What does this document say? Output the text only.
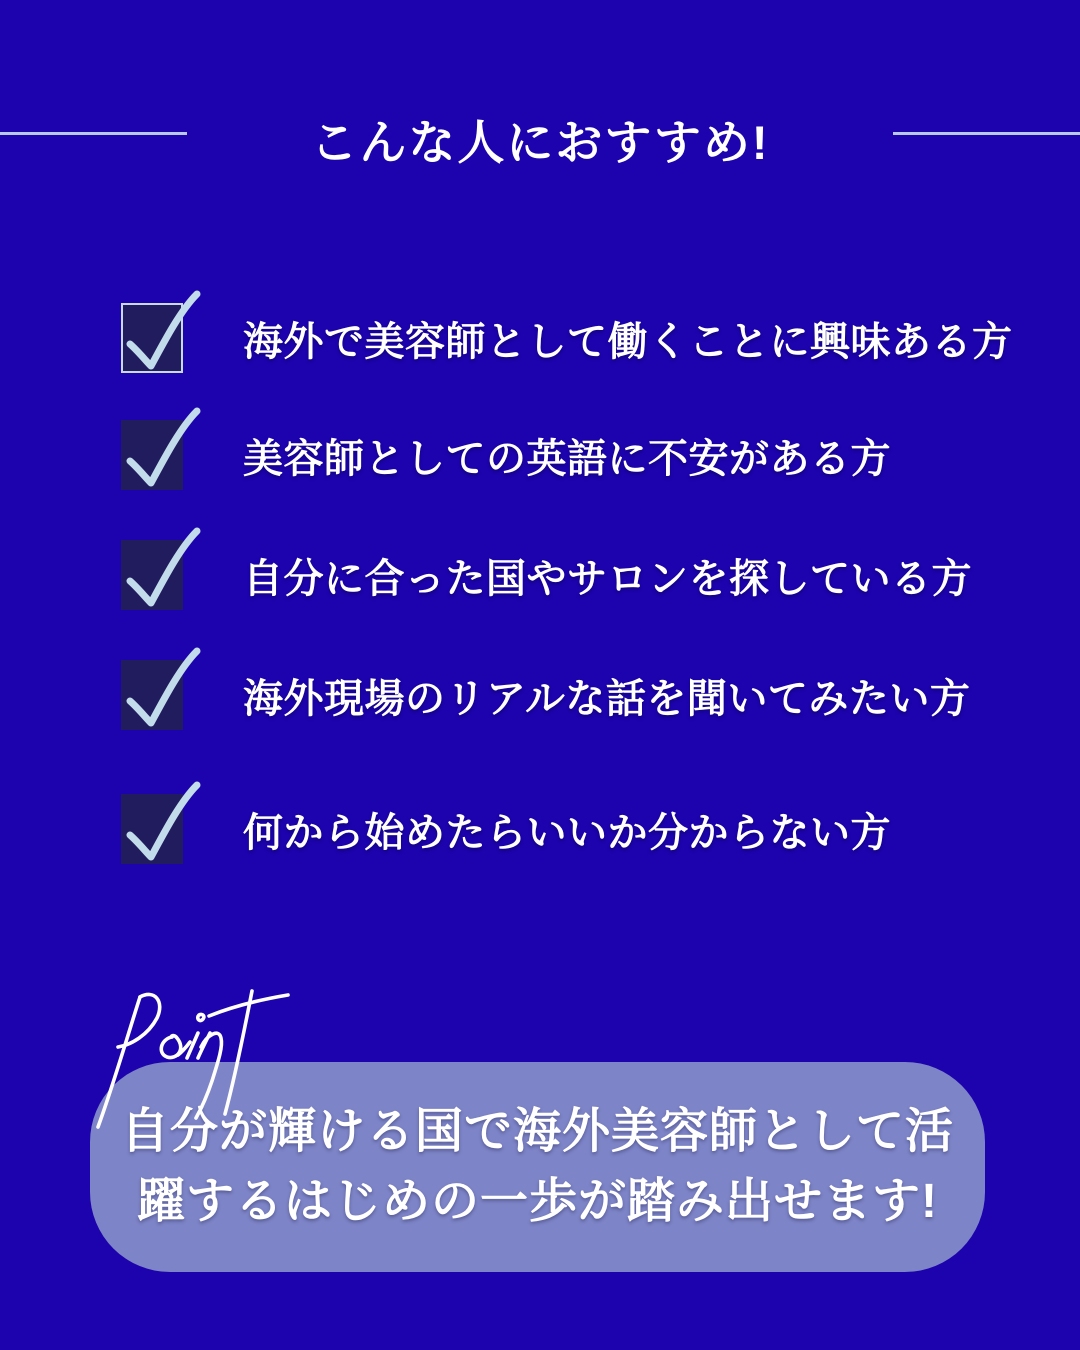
こんな人におすすめ!
海外で美容師として働くことに興味ある方
美容師としての英語に不安がある方
自分に合った国やサロンを探している方
海外現場のリアルな話を聞いてみたい方
何から始めたらいいか分からない方
自分が輝ける国で海外美容師として活
躍するはじめの一歩が踏み出せます!
